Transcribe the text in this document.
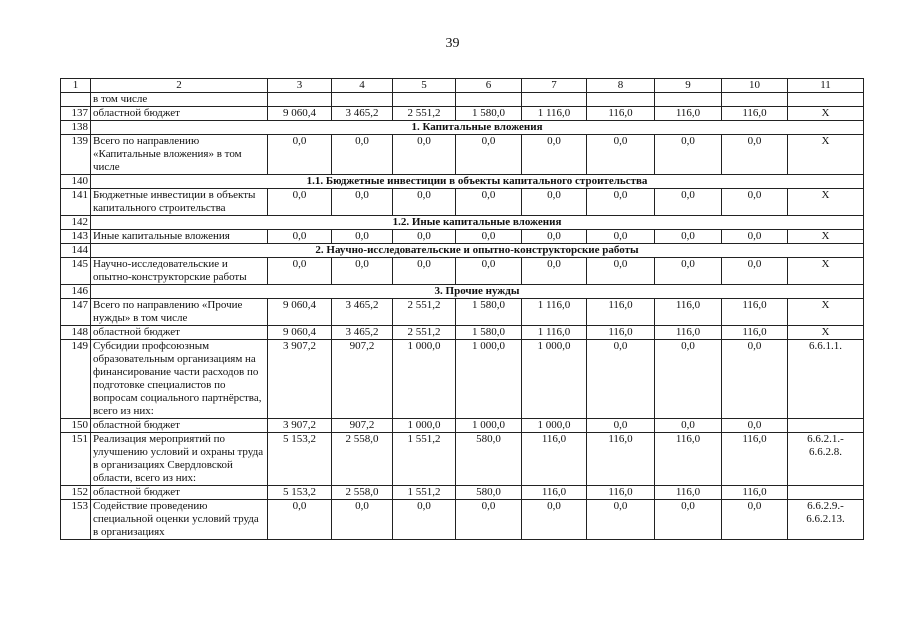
39
1	2	3	4	5	6	7	8	9	10	11
	в том числе									
137	областной бюджет	9 060,4	3 465,2	2 551,2	1 580,0	1 116,0	116,0	116,0	116,0	Х
138	1. Капитальные вложения									
139	Всего по направлению «Капитальные вложения» в том числе	0,0	0,0	0,0	0,0	0,0	0,0	0,0	0,0	Х
140	1.1. Бюджетные инвестиции в объекты капитального строительства									
141	Бюджетные инвестиции в объекты капитального строительства	0,0	0,0	0,0	0,0	0,0	0,0	0,0	0,0	Х
142	1.2. Иные капитальные вложения									
143	Иные капитальные вложения	0,0	0,0	0,0	0,0	0,0	0,0	0,0	0,0	Х
144	2. Научно-исследовательские и опытно-конструкторские работы									
145	Научно-исследовательские и опытно-конструкторские работы	0,0	0,0	0,0	0,0	0,0	0,0	0,0	0,0	Х
146	3. Прочие нужды									
147	Всего по направлению «Прочие нужды» в том числе	9 060,4	3 465,2	2 551,2	1 580,0	1 116,0	116,0	116,0	116,0	Х
148	областной бюджет	9 060,4	3 465,2	2 551,2	1 580,0	1 116,0	116,0	116,0	116,0	Х
149	Субсидии профсоюзным образовательным организациям на финансирование части расходов по подготовке специалистов по вопросам социального партнёрства, всего из них:	3 907,2	907,2	1 000,0	1 000,0	1 000,0	0,0	0,0	0,0	6.6.1.1.
150	областной бюджет	3 907,2	907,2	1 000,0	1 000,0	1 000,0	0,0	0,0	0,0	
151	Реализация мероприятий по улучшению условий и охраны труда в организациях Свердловской области, всего из них:	5 153,2	2 558,0	1 551,2	580,0	116,0	116,0	116,0	116,0	6.6.2.1.- 6.6.2.8.
152	областной бюджет	5 153,2	2 558,0	1 551,2	580,0	116,0	116,0	116,0	116,0	
153	Содействие проведению специальной оценки условий труда в организациях	0,0	0,0	0,0	0,0	0,0	0,0	0,0	0,0	6.6.2.9.- 6.6.2.13.
